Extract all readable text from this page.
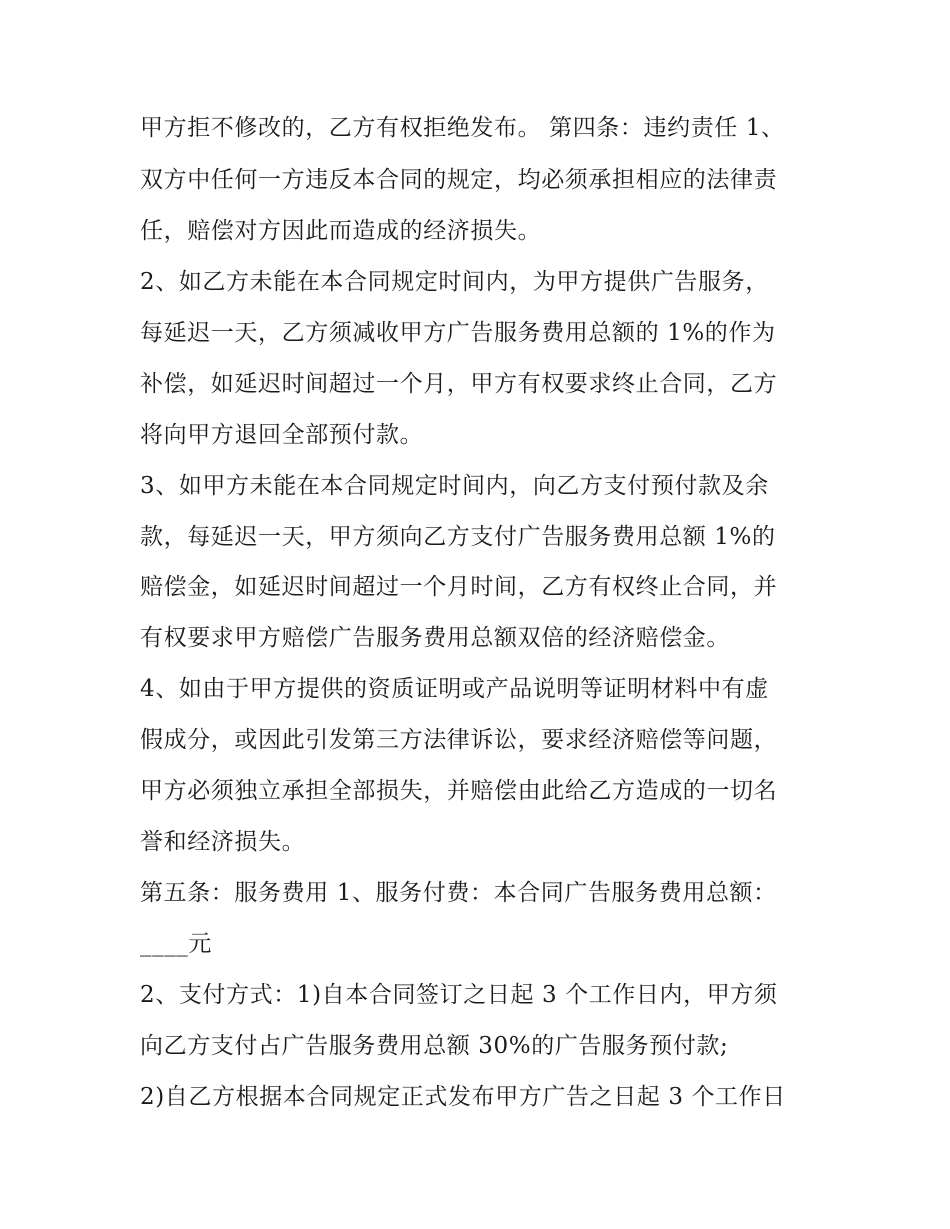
甲方拒不修改的，乙方有权拒绝发布。 第四条：违约责任 1、
双方中任何一方违反本合同的规定，均必须承担相应的法律责
任，赔偿对方因此而造成的经济损失。
2、如乙方未能在本合同规定时间内，为甲方提供广告服务，
每延迟一天，乙方须减收甲方广告服务费用总额的 1%的作为
补偿，如延迟时间超过一个月，甲方有权要求终止合同，乙方
将向甲方退回全部预付款。
3、如甲方未能在本合同规定时间内，向乙方支付预付款及余
款，每延迟一天，甲方须向乙方支付广告服务费用总额 1%的
赔偿金，如延迟时间超过一个月时间，乙方有权终止合同，并
有权要求甲方赔偿广告服务费用总额双倍的经济赔偿金。
4、如由于甲方提供的资质证明或产品说明等证明材料中有虚
假成分，或因此引发第三方法律诉讼，要求经济赔偿等问题，
甲方必须独立承担全部损失，并赔偿由此给乙方造成的一切名
誉和经济损失。
第五条：服务费用 1、服务付费：本合同广告服务费用总额：
____元
2、支付方式：1)自本合同签订之日起 3 个工作日内，甲方须
向乙方支付占广告服务费用总额 30%的广告服务预付款;
2)自乙方根据本合同规定正式发布甲方广告之日起 3 个工作日
